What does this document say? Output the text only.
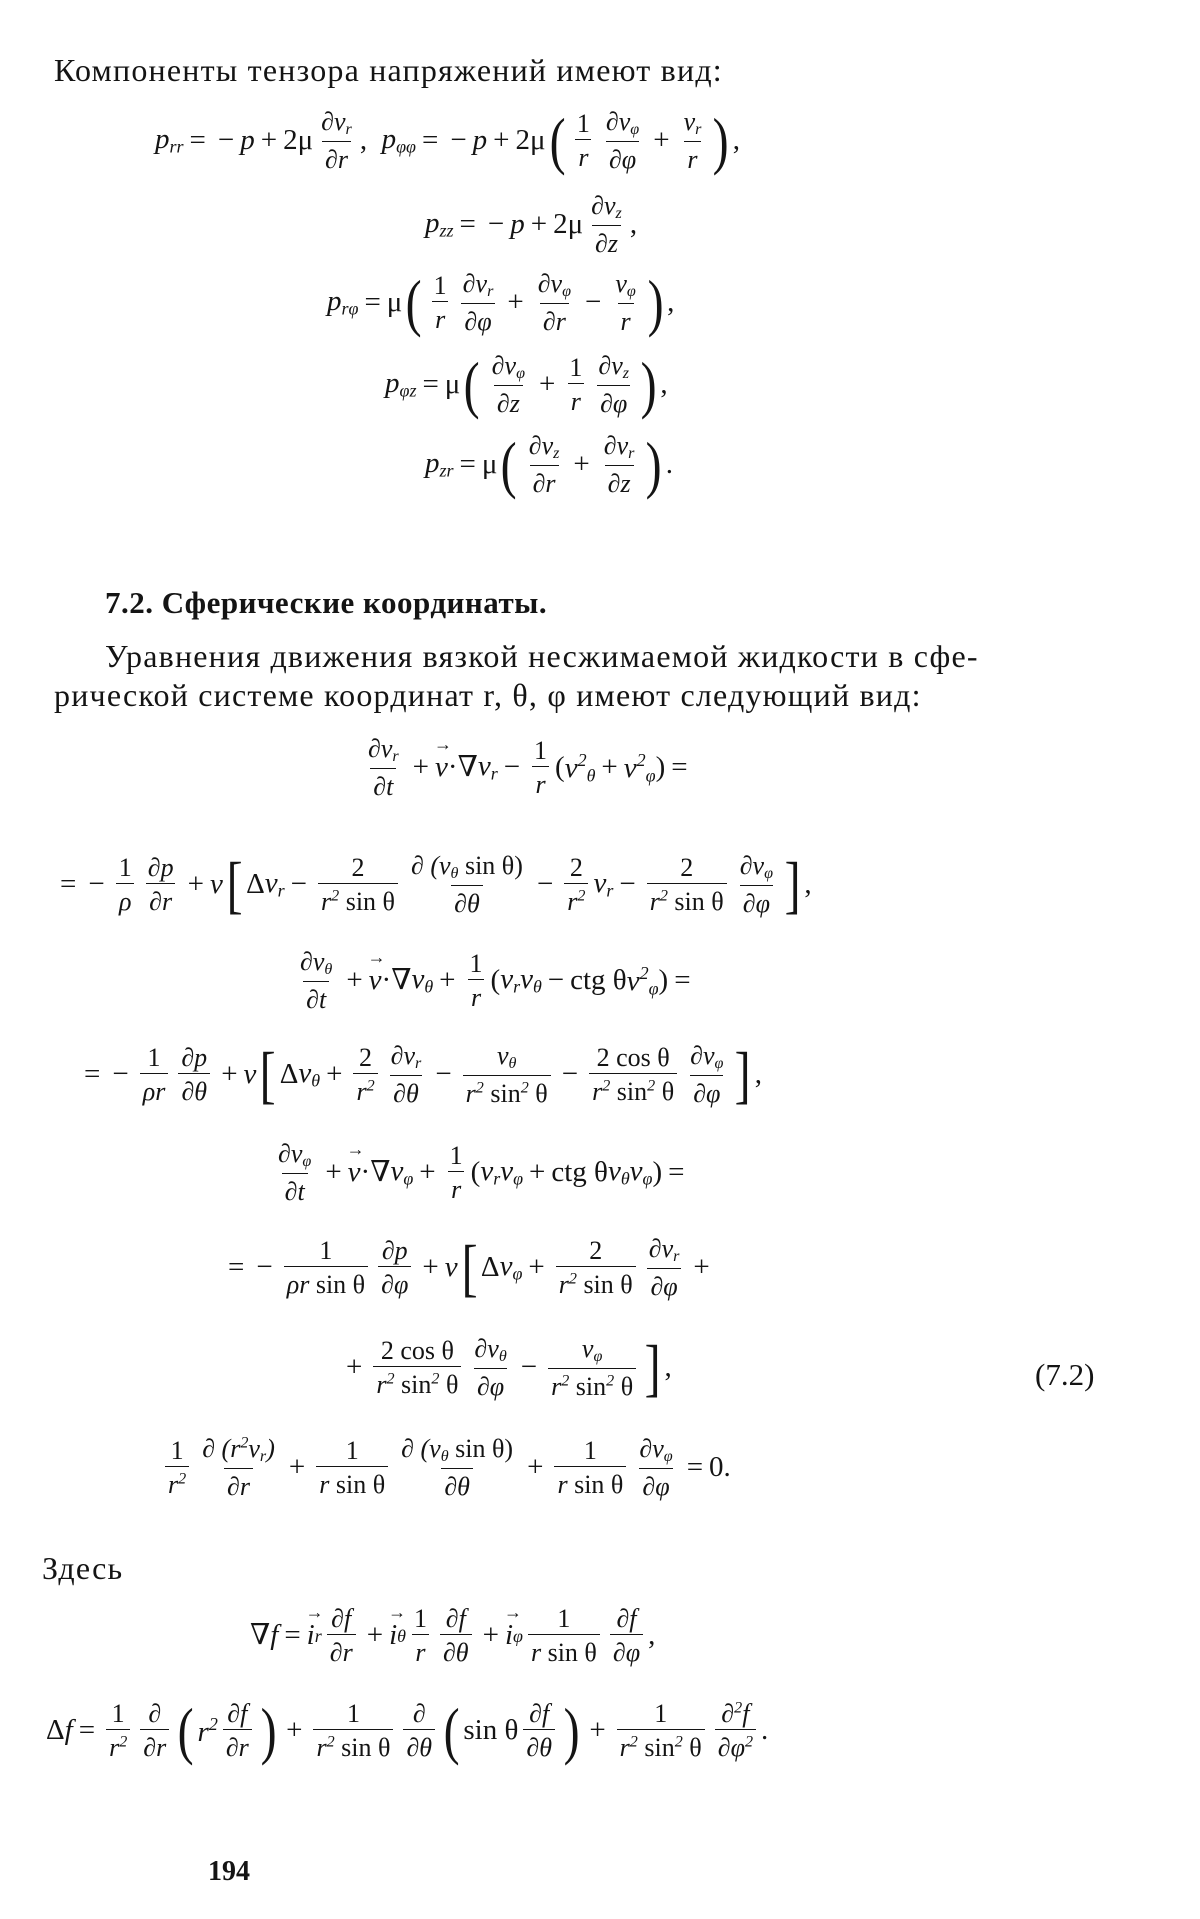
Компоненты тензора напряжений имеют вид:
$p_{rr}$ = − $p + 2\mu \frac{\partial v_r}{\partial r}$ , $p_{\varphi\varphi}$ = − p + 2μ ( $\frac{1}{r} \frac{\partial v_\varphi}{\partial\varphi} + \frac{v_r}{r}$ ) ,
$p_{zz}$ = − $p + 2\mu \frac{\partial v_z}{\partial z}$ ,
$p_{r\varphi} = \mu$ ( $\frac{1}{r} \frac{\partial v_r}{\partial\varphi} + \frac{\partial v_\varphi}{\partial r} - \frac{v_\varphi}{r}$ ) ,
$p_{\varphi z} = \mu$ ( $\frac{\partial v_\varphi}{\partial z} + \frac{1}{r} \frac{\partial v_z}{\partial\varphi}$ ) ,
$p_{zr} = \mu$ ( $\frac{\partial v_z}{\partial r} + \frac{\partial v_r}{\partial z}$ ) .
7.2. Сферические координаты.
Уравнения движения вязкой несжимаемой жидкости в сфе-
рической системе координат r, θ, φ имеют следующий вид:
$\frac{\partial v_r}{\partial t}$ + → v ·∇ $v_r - \frac{1}{r}$ ( $v^2_\theta + v^2_\varphi$ ) =
= − $\frac{1}{\rho} \frac{\partial p}{\partial r} + \nu$ [ Δ $v_r - \frac{2}{r^2 \sin \theta} \frac{\partial (v_\theta \sin \theta)}{\partial\theta} - \frac{2}{r^2} v_r - \frac{2}{r^2 \sin \theta} \frac{\partial v_\varphi}{\partial\varphi}$ ] ,
$\frac{\partial v_\theta}{\partial t}$ + → v ·∇ $v_\theta + \frac{1}{r}$ ( $v_rv_\theta$ − ctg θ $v^2_\varphi$ ) =
= − $\frac{1}{\rho r} \frac{\partial p}{\partial\theta} + \nu$ [ Δ $v_\theta + \frac{2}{r^2} \frac{\partial v_r}{\partial\theta} - \frac{v_\theta}{r^2 \sin^2 \theta} - \frac{\text{2 cos θ}}{r^2 \sin^2 \theta} \frac{\partial v_\varphi}{\partial\varphi}$ ] ,
$\frac{\partial v_\varphi}{\partial t}$ + → v ·∇ $v_\varphi + \frac{1}{r}$ ( $v_rv_\varphi$ + ctg θ $v_\theta v_\varphi$ ) =
= − $\frac{1}{\text{ρr sin θ}} \frac{\partial p}{\partial\varphi} + \nu$ [ Δ $v_\varphi + \frac{2}{r^2 \sin \theta} \frac{\partial v_r}{\partial\varphi}$ +
+ $\frac{\text{2 cos θ}}{r^2 \sin^2 \theta} \frac{\partial v_\theta}{\partial\varphi} - \frac{v_\varphi}{r^2 \sin^2 \theta}$ ] ,	(7.2)
$\frac{1}{r^2} \frac{\partial (r^2v_r)}{\partial r} + \frac{1}{\text{r sin θ}} \frac{\partial (v_\theta \sin \theta)}{\partial\theta} + \frac{1}{\text{r sin θ}} \frac{\partial v_\varphi}{\partial\varphi} = 0$.
Здесь
∇ f = → i r $\frac{\partial f}{\partial r}$ + → i θ $\frac{1}{r} \frac{\partial f}{\partial\theta}$ + → i φ $\frac{1}{\text{r sin θ}} \frac{\partial f}{\partial\varphi}$ ,
Δ $f = \frac{1}{r^2} \frac{\partial}{\partial r}$ ( $r^2 \frac{\partial f}{\partial r}$ ) + $\frac{1}{r^2 \sin \theta} \frac{\partial}{\partial\theta}$ ( sin θ $\frac{\partial f}{\partial\theta}$ ) + $\frac{1}{r^2 \sin^2 \theta} \frac{\partial^2f}{\partial\varphi^2}$ .
194
